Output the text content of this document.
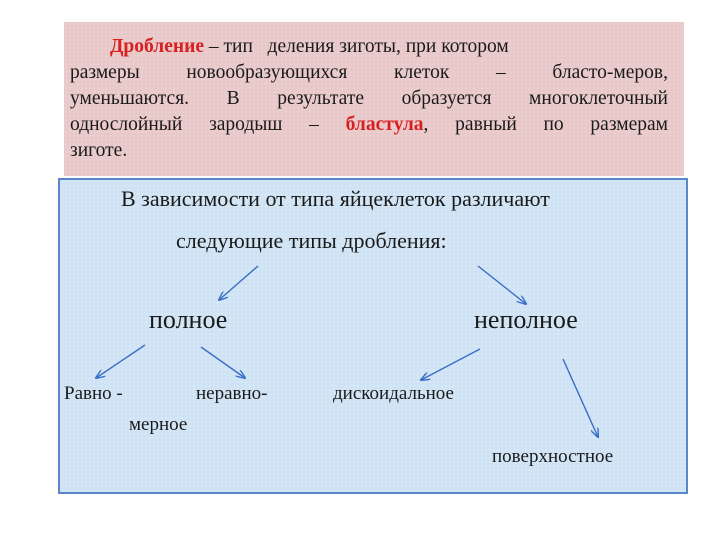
Дробление – тип   деления зиготы, при котором
размеры новообразующихся клеток – бласто-меров,
уменьшаются. В результате образуется многоклеточный
однослойный зародыш – бластула, равный по размерам
зиготе.
В зависимости от типа яйцеклеток различают
следующие типы дробления:
полное	неполное
Равно -	неравно-
мерное
дискоидальное
поверхностное
